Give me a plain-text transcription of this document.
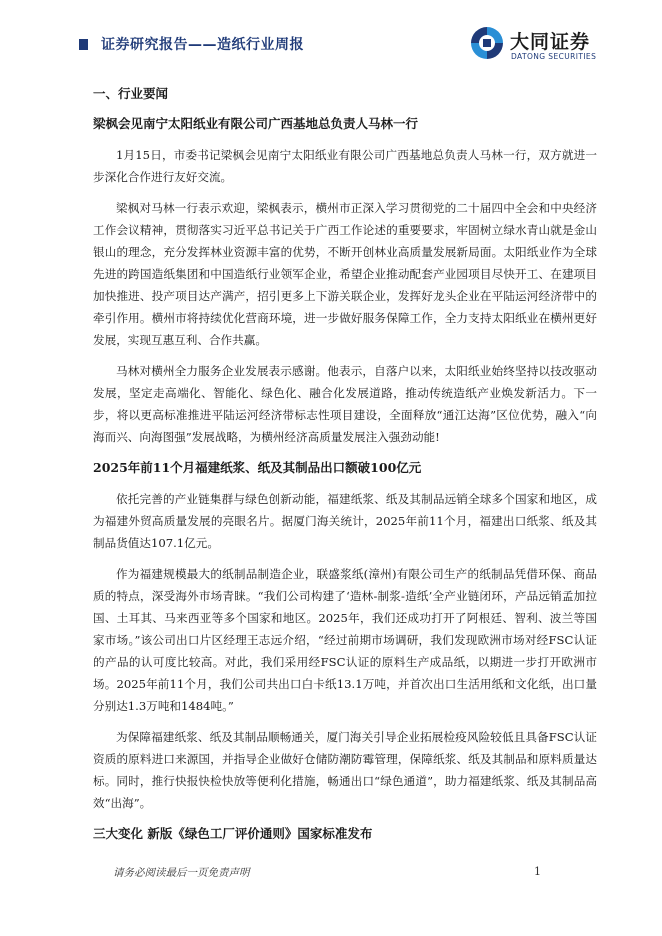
证券研究报告——造纸行业周报	大同证券
DATONG SECURITIES
一、行业要闻
梁枫会见南宁太阳纸业有限公司广西基地总负责人马林一行

1月15日，市委书记梁枫会见南宁太阳纸业有限公司广西基地总负责人马林一行，双方就进一步深化合作进行友好交流。

梁枫对马林一行表示欢迎，梁枫表示，横州市正深入学习贯彻党的二十届四中全会和中央经济工作会议精神，贯彻落实习近平总书记关于广西工作论述的重要要求，牢固树立绿水青山就是金山银山的理念，充分发挥林业资源丰富的优势，不断开创林业高质量发展新局面。太阳纸业作为全球先进的跨国造纸集团和中国造纸行业领军企业，希望企业推动配套产业园项目尽快开工、在建项目加快推进、投产项目达产满产，招引更多上下游关联企业，发挥好龙头企业在平陆运河经济带中的牵引作用。横州市将持续优化营商环境，进一步做好服务保障工作，全力支持太阳纸业在横州更好发展，实现互惠互利、合作共赢。

马林对横州全力服务企业发展表示感谢。他表示，自落户以来，太阳纸业始终坚持以技改驱动发展，坚定走高端化、智能化、绿色化、融合化发展道路，推动传统造纸产业焕发新活力。下一步，将以更高标准推进平陆运河经济带标志性项目建设，全面释放“通江达海”区位优势，融入“向海而兴、向海图强”发展战略，为横州经济高质量发展注入强劲动能!

2025年前11个月福建纸浆、纸及其制品出口额破100亿元

依托完善的产业链集群与绿色创新动能，福建纸浆、纸及其制品远销全球多个国家和地区，成为福建外贸高质量发展的亮眼名片。据厦门海关统计，2025年前11个月，福建出口纸浆、纸及其制品货值达107.1亿元。

作为福建规模最大的纸制品制造企业，联盛浆纸(漳州)有限公司生产的纸制品凭借环保、商品质的特点，深受海外市场青睐。“我们公司构建了‘造林-制浆-造纸’全产业链闭环，产品远销孟加拉国、土耳其、马来西亚等多个国家和地区。2025年，我们还成功打开了阿根廷、智利、波兰等国家市场。”该公司出口片区经理王志远介绍，“经过前期市场调研，我们发现欧洲市场对经FSC认证的产品的认可度比较高。对此，我们采用经FSC认证的原料生产成品纸，以期进一步打开欧洲市场。2025年前11个月，我们公司共出口白卡纸13.1万吨，并首次出口生活用纸和文化纸，出口量分别达1.3万吨和1484吨。”

为保障福建纸浆、纸及其制品顺畅通关，厦门海关引导企业拓展检疫风险较低且具备FSC认证资质的原料进口来源国，并指导企业做好仓储防潮防霉管理，保障纸浆、纸及其制品和原料质量达标。同时，推行快报快检快放等便利化措施，畅通出口“绿色通道”，助力福建纸浆、纸及其制品高效“出海”。

三大变化 新版《绿色工厂评价通则》国家标准发布
请务必阅读最后一页免责声明	1
